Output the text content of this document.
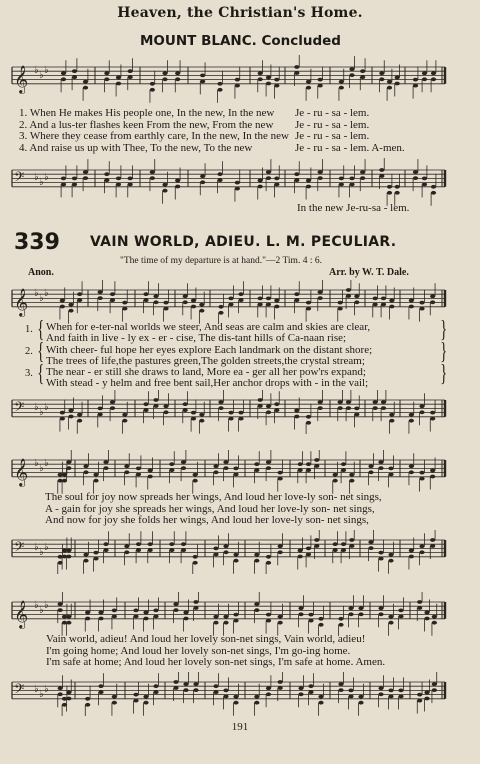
Heaven, the Christian's Home.
MOUNT BLANC. Concluded
𝄞 ♭ ♭ ♭
1. When He makes His people one, In the new, In the new Je - ru - sa - lem.
2. And a lus-ter flashes keen From the new, From the new Je - ru - sa - lem.
3. Where they cease from earthly care, In the new, In the new Je - ru - sa - lem.
4. And raise us up with Thee, To the new, To the new	Je - ru - sa - lem. A-men.
𝄢 ♭ ♭ ♭
In the new Je-ru-sa - lem.
339 VAIN WORLD, ADIEU. L. M. PECULIAR.
"The time of my departure is at hand."—2 Tim. 4 : 6.
Anon.	Arr. by W. T. Dale.
𝄞 ♭ ♭ ♭
1.
2.
3.
{
{
{
When for e-ter-nal worlds we steer, And seas are calm and skies are clear,
And faith in live - ly ex - er - cise, The dis-tant hills of Ca-naan rise;
With cheer- ful hope her eyes explore Each landmark on the distant shore;
The trees of life,the pastures green,The golden streets,the crystal stream;
The near - er still she draws to land, More ea - ger all her pow'rs expand;
With stead - y helm and free bent sail,Her anchor drops with - in the vail;
}
}
}
𝄢 ♭ ♭ ♭
𝄞 ♭ ♭ ♭
The soul for joy now spreads her wings, And loud her love-ly son- net sings,
A - gain for joy she spreads her wings, And loud her love-ly son- net sings,
And now for joy she folds her wings, And loud her love-ly son- net sings,
𝄢 ♭ ♭ ♭
𝄞 ♭ ♭ ♭
Vain world, adieu! And loud her lovely son-net sings, Vain world, adieu!
I'm going home; And loud her lovely son-net sings, I'm go-ing home.
I'm safe at home; And loud her lovely son-net sings, I'm safe at home. Amen.
𝄢 ♭ ♭ ♭
191
